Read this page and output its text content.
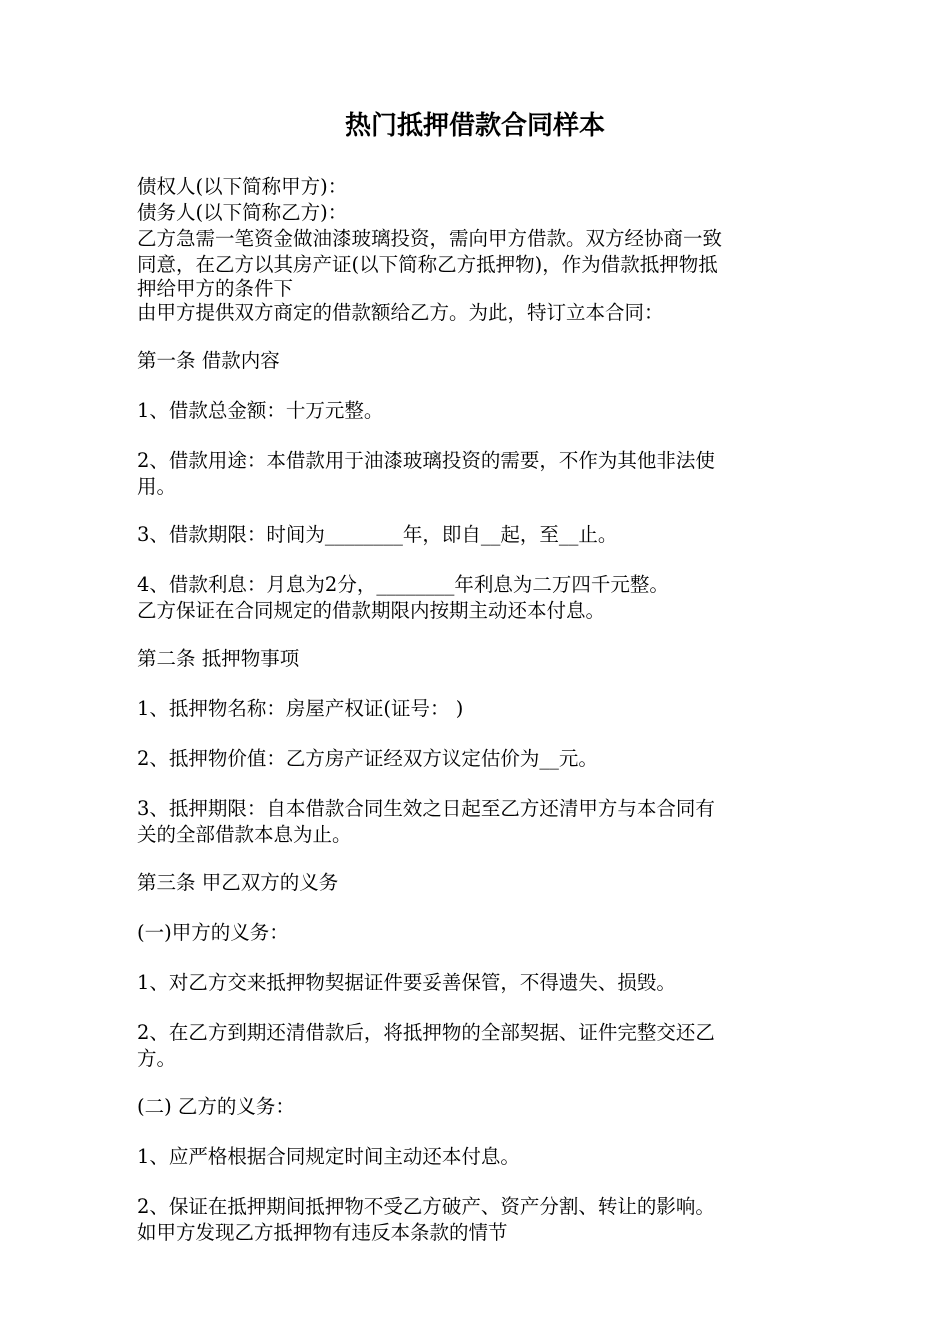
热门抵押借款合同样本
债权人(以下简称甲方)：
债务人(以下简称乙方)：
乙方急需一笔资金做油漆玻璃投资，需向甲方借款。双方经协商一致
同意，在乙方以其房产证(以下简称乙方抵押物)，作为借款抵押物抵
押给甲方的条件下
由甲方提供双方商定的借款额给乙方。为此，特订立本合同：
第一条 借款内容
1、借款总金额：十万元整。
2、借款用途：本借款用于油漆玻璃投资的需要，不作为其他非法使
用。
3、借款期限：时间为________年，即自__起，至__止。
4、借款利息：月息为2分，________年利息为二万四千元整。
乙方保证在合同规定的借款期限内按期主动还本付息。
第二条 抵押物事项
1、抵押物名称：房屋产权证(证号： )
2、抵押物价值：乙方房产证经双方议定估价为__元。
3、抵押期限：自本借款合同生效之日起至乙方还清甲方与本合同有
关的全部借款本息为止。
第三条 甲乙双方的义务
(一)甲方的义务：
1、对乙方交来抵押物契据证件要妥善保管，不得遗失、损毁。
2、在乙方到期还清借款后，将抵押物的全部契据、证件完整交还乙
方。
(二) 乙方的义务：
1、应严格根据合同规定时间主动还本付息。
2、保证在抵押期间抵押物不受乙方破产、资产分割、转让的影响。
如甲方发现乙方抵押物有违反本条款的情节
